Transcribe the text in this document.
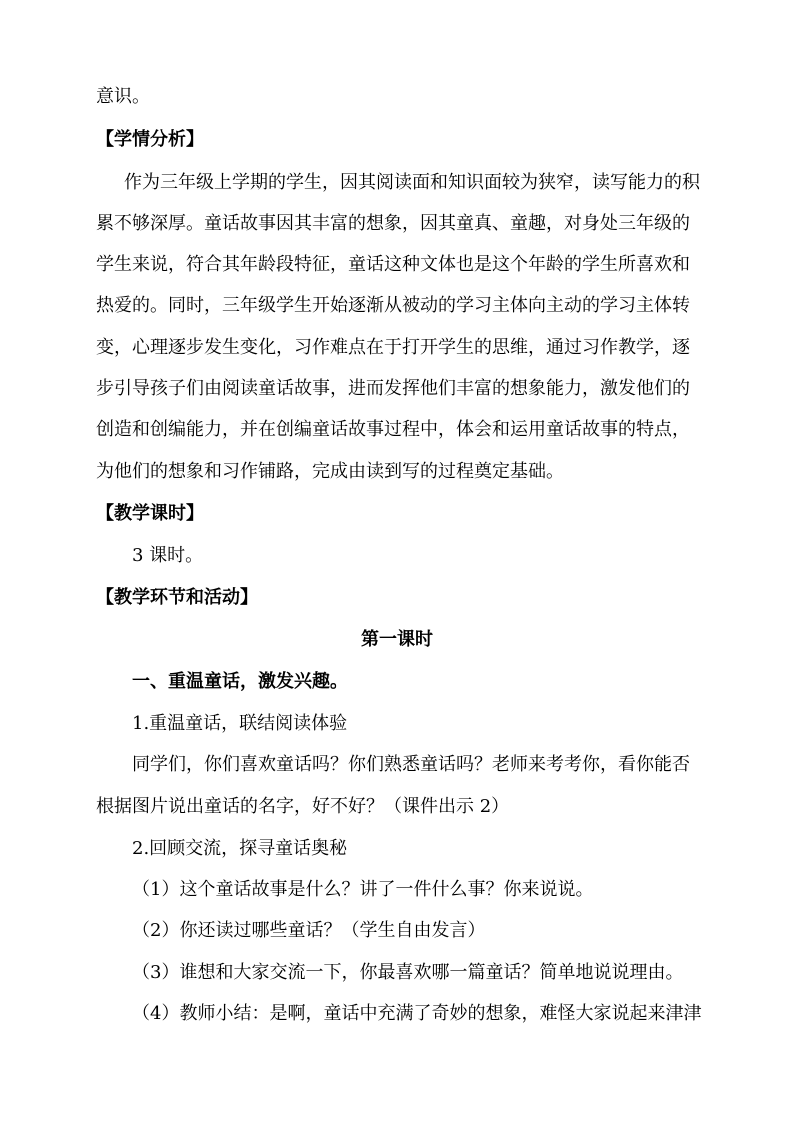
意识。
【学情分析】
作为三年级上学期的学生，因其阅读面和知识面较为狭窄，读写能力的积
累不够深厚。童话故事因其丰富的想象，因其童真、童趣，对身处三年级的
学生来说，符合其年龄段特征，童话这种文体也是这个年龄的学生所喜欢和
热爱的。同时，三年级学生开始逐渐从被动的学习主体向主动的学习主体转
变，心理逐步发生变化，习作难点在于打开学生的思维，通过习作教学，逐
步引导孩子们由阅读童话故事，进而发挥他们丰富的想象能力，激发他们的
创造和创编能力，并在创编童话故事过程中，体会和运用童话故事的特点，
为他们的想象和习作铺路，完成由读到写的过程奠定基础。
【教学课时】
3 课时。
【教学环节和活动】
第一课时
一、重温童话，激发兴趣。
1.重温童话，联结阅读体验
同学们，你们喜欢童话吗？你们熟悉童话吗？老师来考考你，看你能否
根据图片说出童话的名字，好不好？（课件出示 2）
2.回顾交流，探寻童话奥秘
（1）这个童话故事是什么？讲了一件什么事？你来说说。
（2）你还读过哪些童话？（学生自由发言）
（3）谁想和大家交流一下，你最喜欢哪一篇童话？简单地说说理由。
（4）教师小结：是啊，童话中充满了奇妙的想象，难怪大家说起来津津
